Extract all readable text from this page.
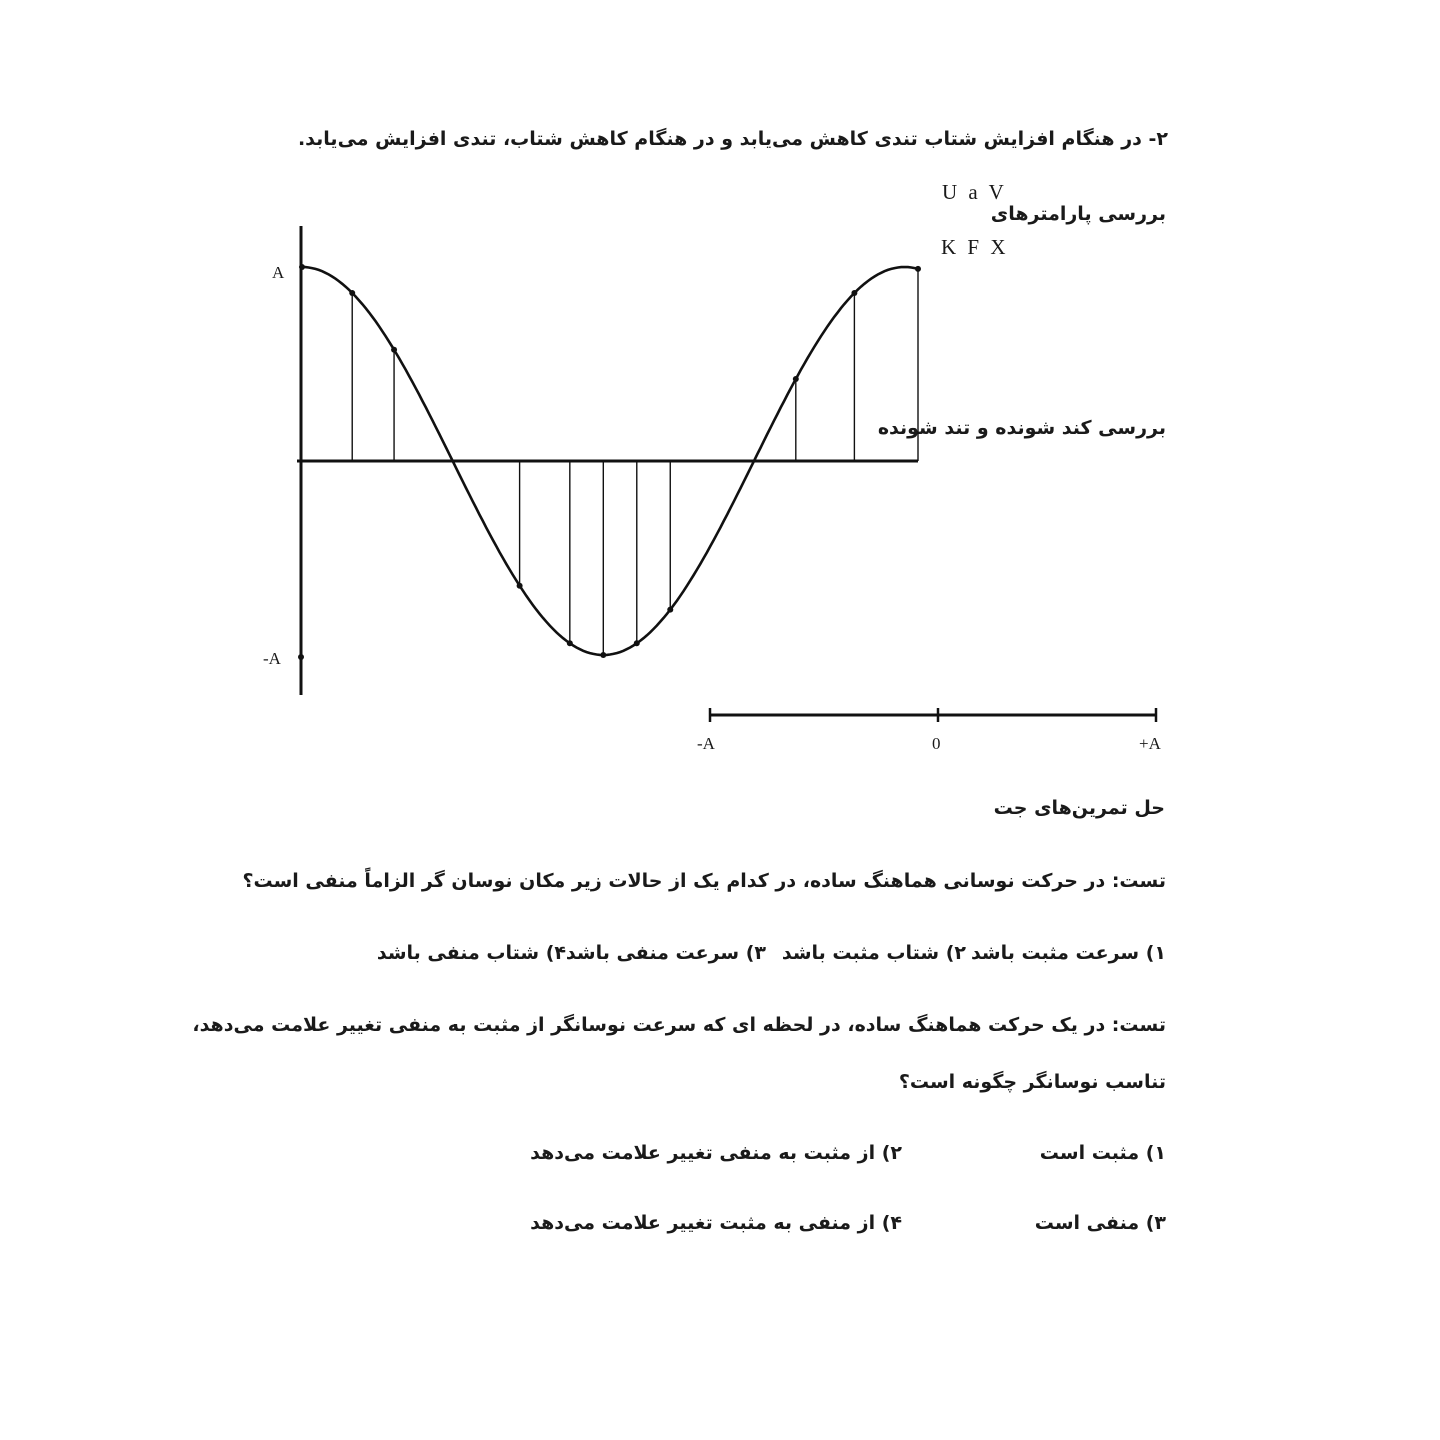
۲- در هنگام افزایش شتاب تندی کاهش می‌یابد و در هنگام کاهش شتاب، تندی افزایش می‌یابد.
U a V
بررسی پارامترهای
K F X
بررسی کند شونده و تند شونده
A
-A
-A	0	+A
حل تمرین‌های جت
تست: در حرکت نوسانی هماهنگ ساده، در کدام یک از حالات زیر مکان نوسان گر الزاماً منفی است؟
۱) سرعت مثبت باشد
۲) شتاب مثبت باشد
۳) سرعت منفی باشد
۴) شتاب منفی باشد
تست: در یک حرکت هماهنگ ساده، در لحظه ای که سرعت نوسانگر از مثبت به منفی تغییر علامت می‌دهد،
تناسب نوسانگر چگونه است؟
۱) مثبت است
۲) از مثبت به منفی تغییر علامت می‌دهد
۳) منفی است
۴) از منفی به مثبت تغییر علامت می‌دهد
